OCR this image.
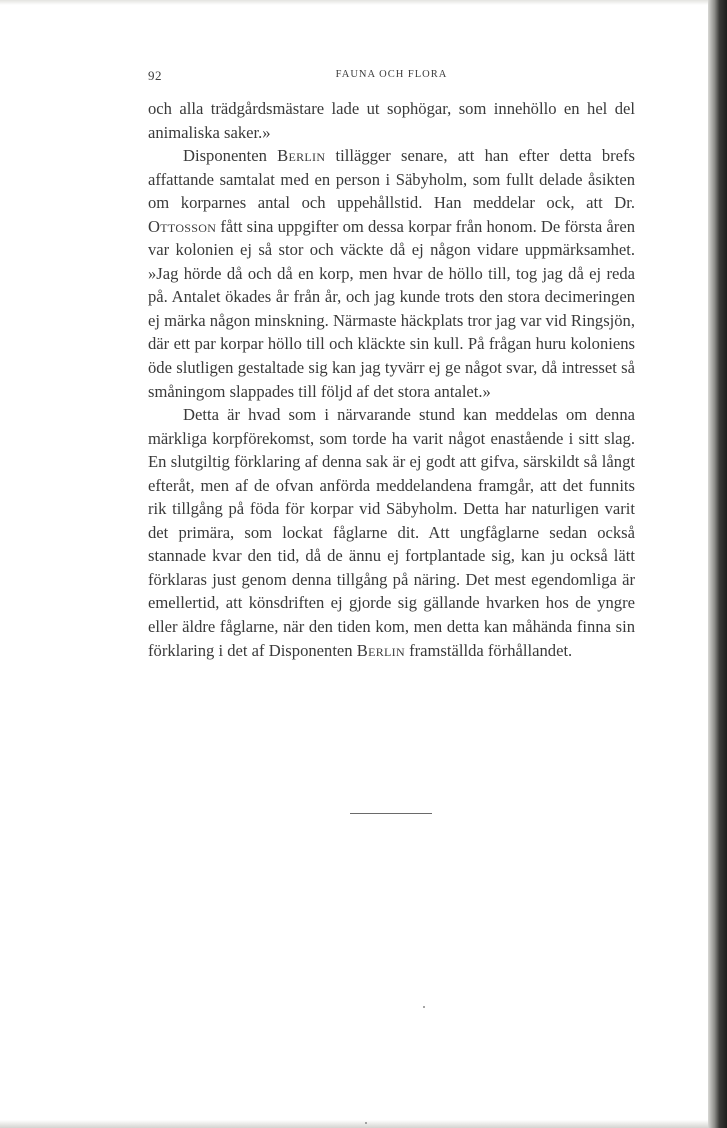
92	FAUNA OCH FLORA

och alla trädgårdsmästare lade ut sophögar, som innehöllo en hel del animaliska saker.»

Disponenten Berlin tillägger senare, att han efter detta brefs affattande samtalat med en person i Säbyholm, som fullt delade åsikten om korparnes antal och uppehållstid. Han meddelar ock, att Dr. Ottosson fått sina uppgifter om dessa korpar från honom. De första åren var kolonien ej så stor och väckte då ej någon vidare uppmärksamhet. »Jag hörde då och då en korp, men hvar de höllo till, tog jag då ej reda på. Antalet ökades år från år, och jag kunde trots den stora decimeringen ej märka någon minskning. Närmaste häckplats tror jag var vid Ringsjön, där ett par korpar höllo till och kläckte sin kull. På frågan huru koloniens öde slutligen gestaltade sig kan jag tyvärr ej ge något svar, då intresset så småningom slappades till följd af det stora antalet.»

Detta är hvad som i närvarande stund kan meddelas om denna märkliga korpförekomst, som torde ha varit något enastående i sitt slag. En slutgiltig förklaring af denna sak är ej godt att gifva, särskildt så långt efteråt, men af de ofvan anförda meddelandena framgår, att det funnits rik tillgång på föda för korpar vid Säbyholm. Detta har naturligen varit det primära, som lockat fåglarne dit. Att ungfåglarne sedan också stannade kvar den tid, då de ännu ej fortplantade sig, kan ju också lätt förklaras just genom denna tillgång på näring. Det mest egendomliga är emellertid, att könsdriften ej gjorde sig gällande hvarken hos de yngre eller äldre fåglarne, när den tiden kom, men detta kan måhända finna sin förklaring i det af Disponenten Berlin framställda förhållandet.
